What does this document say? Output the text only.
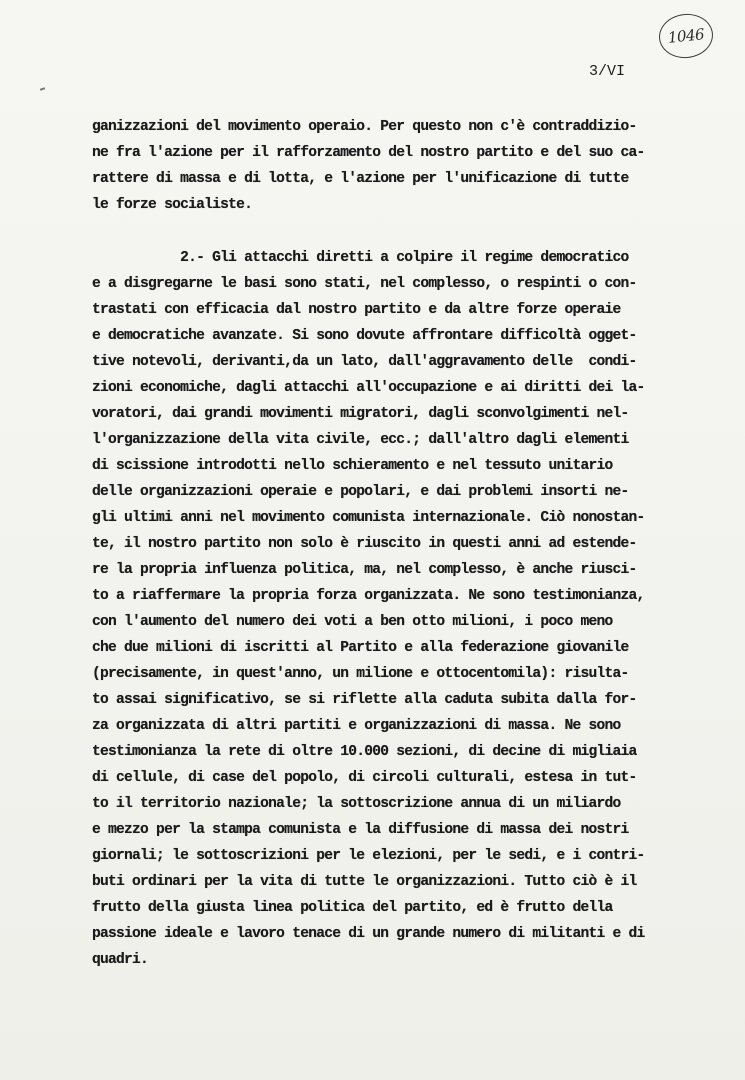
1046
3/VI
ganizzazioni del movimento operaio. Per questo non c'è contraddizio-
ne fra l'azione per il rafforzamento del nostro partito e del suo ca-
rattere di massa e di lotta, e l'azione per l'unificazione di tutte
le forze socialiste.
2.- Gli attacchi diretti a colpire il regime democratico
e a disgregarne le basi sono stati, nel complesso, o respinti o con-
trastati con efficacia dal nostro partito e da altre forze operaie
e democratiche avanzate. Si sono dovute affrontare difficoltà ogget-
tive notevoli, derivanti,da un lato, dall'aggravamento delle  condi-
zioni economiche, dagli attacchi all'occupazione e ai diritti dei la-
voratori, dai grandi movimenti migratori, dagli sconvolgimenti nel-
l'organizzazione della vita civile, ecc.; dall'altro dagli elementi
di scissione introdotti nello schieramento e nel tessuto unitario
delle organizzazioni operaie e popolari, e dai problemi insorti ne-
gli ultimi anni nel movimento comunista internazionale. Ciò nonostan-
te, il nostro partito non solo è riuscito in questi anni ad estende-
re la propria influenza politica, ma, nel complesso, è anche riusci-
to a riaffermare la propria forza organizzata. Ne sono testimonianza,
con l'aumento del numero dei voti a ben otto milioni, i poco meno
che due milioni di iscritti al Partito e alla federazione giovanile
(precisamente, in quest'anno, un milione e ottocentomila): risulta-
to assai significativo, se si riflette alla caduta subita dalla for-
za organizzata di altri partiti e organizzazioni di massa. Ne sono
testimonianza la rete di oltre 10.000 sezioni, di decine di migliaia
di cellule, di case del popolo, di circoli culturali, estesa in tut-
to il territorio nazionale; la sottoscrizione annua di un miliardo
e mezzo per la stampa comunista e la diffusione di massa dei nostri
giornali; le sottoscrizioni per le elezioni, per le sedi, e i contri-
buti ordinari per la vita di tutte le organizzazioni. Tutto ciò è il
frutto della giusta linea politica del partito, ed è frutto della
passione ideale e lavoro tenace di un grande numero di militanti e di
quadri.
